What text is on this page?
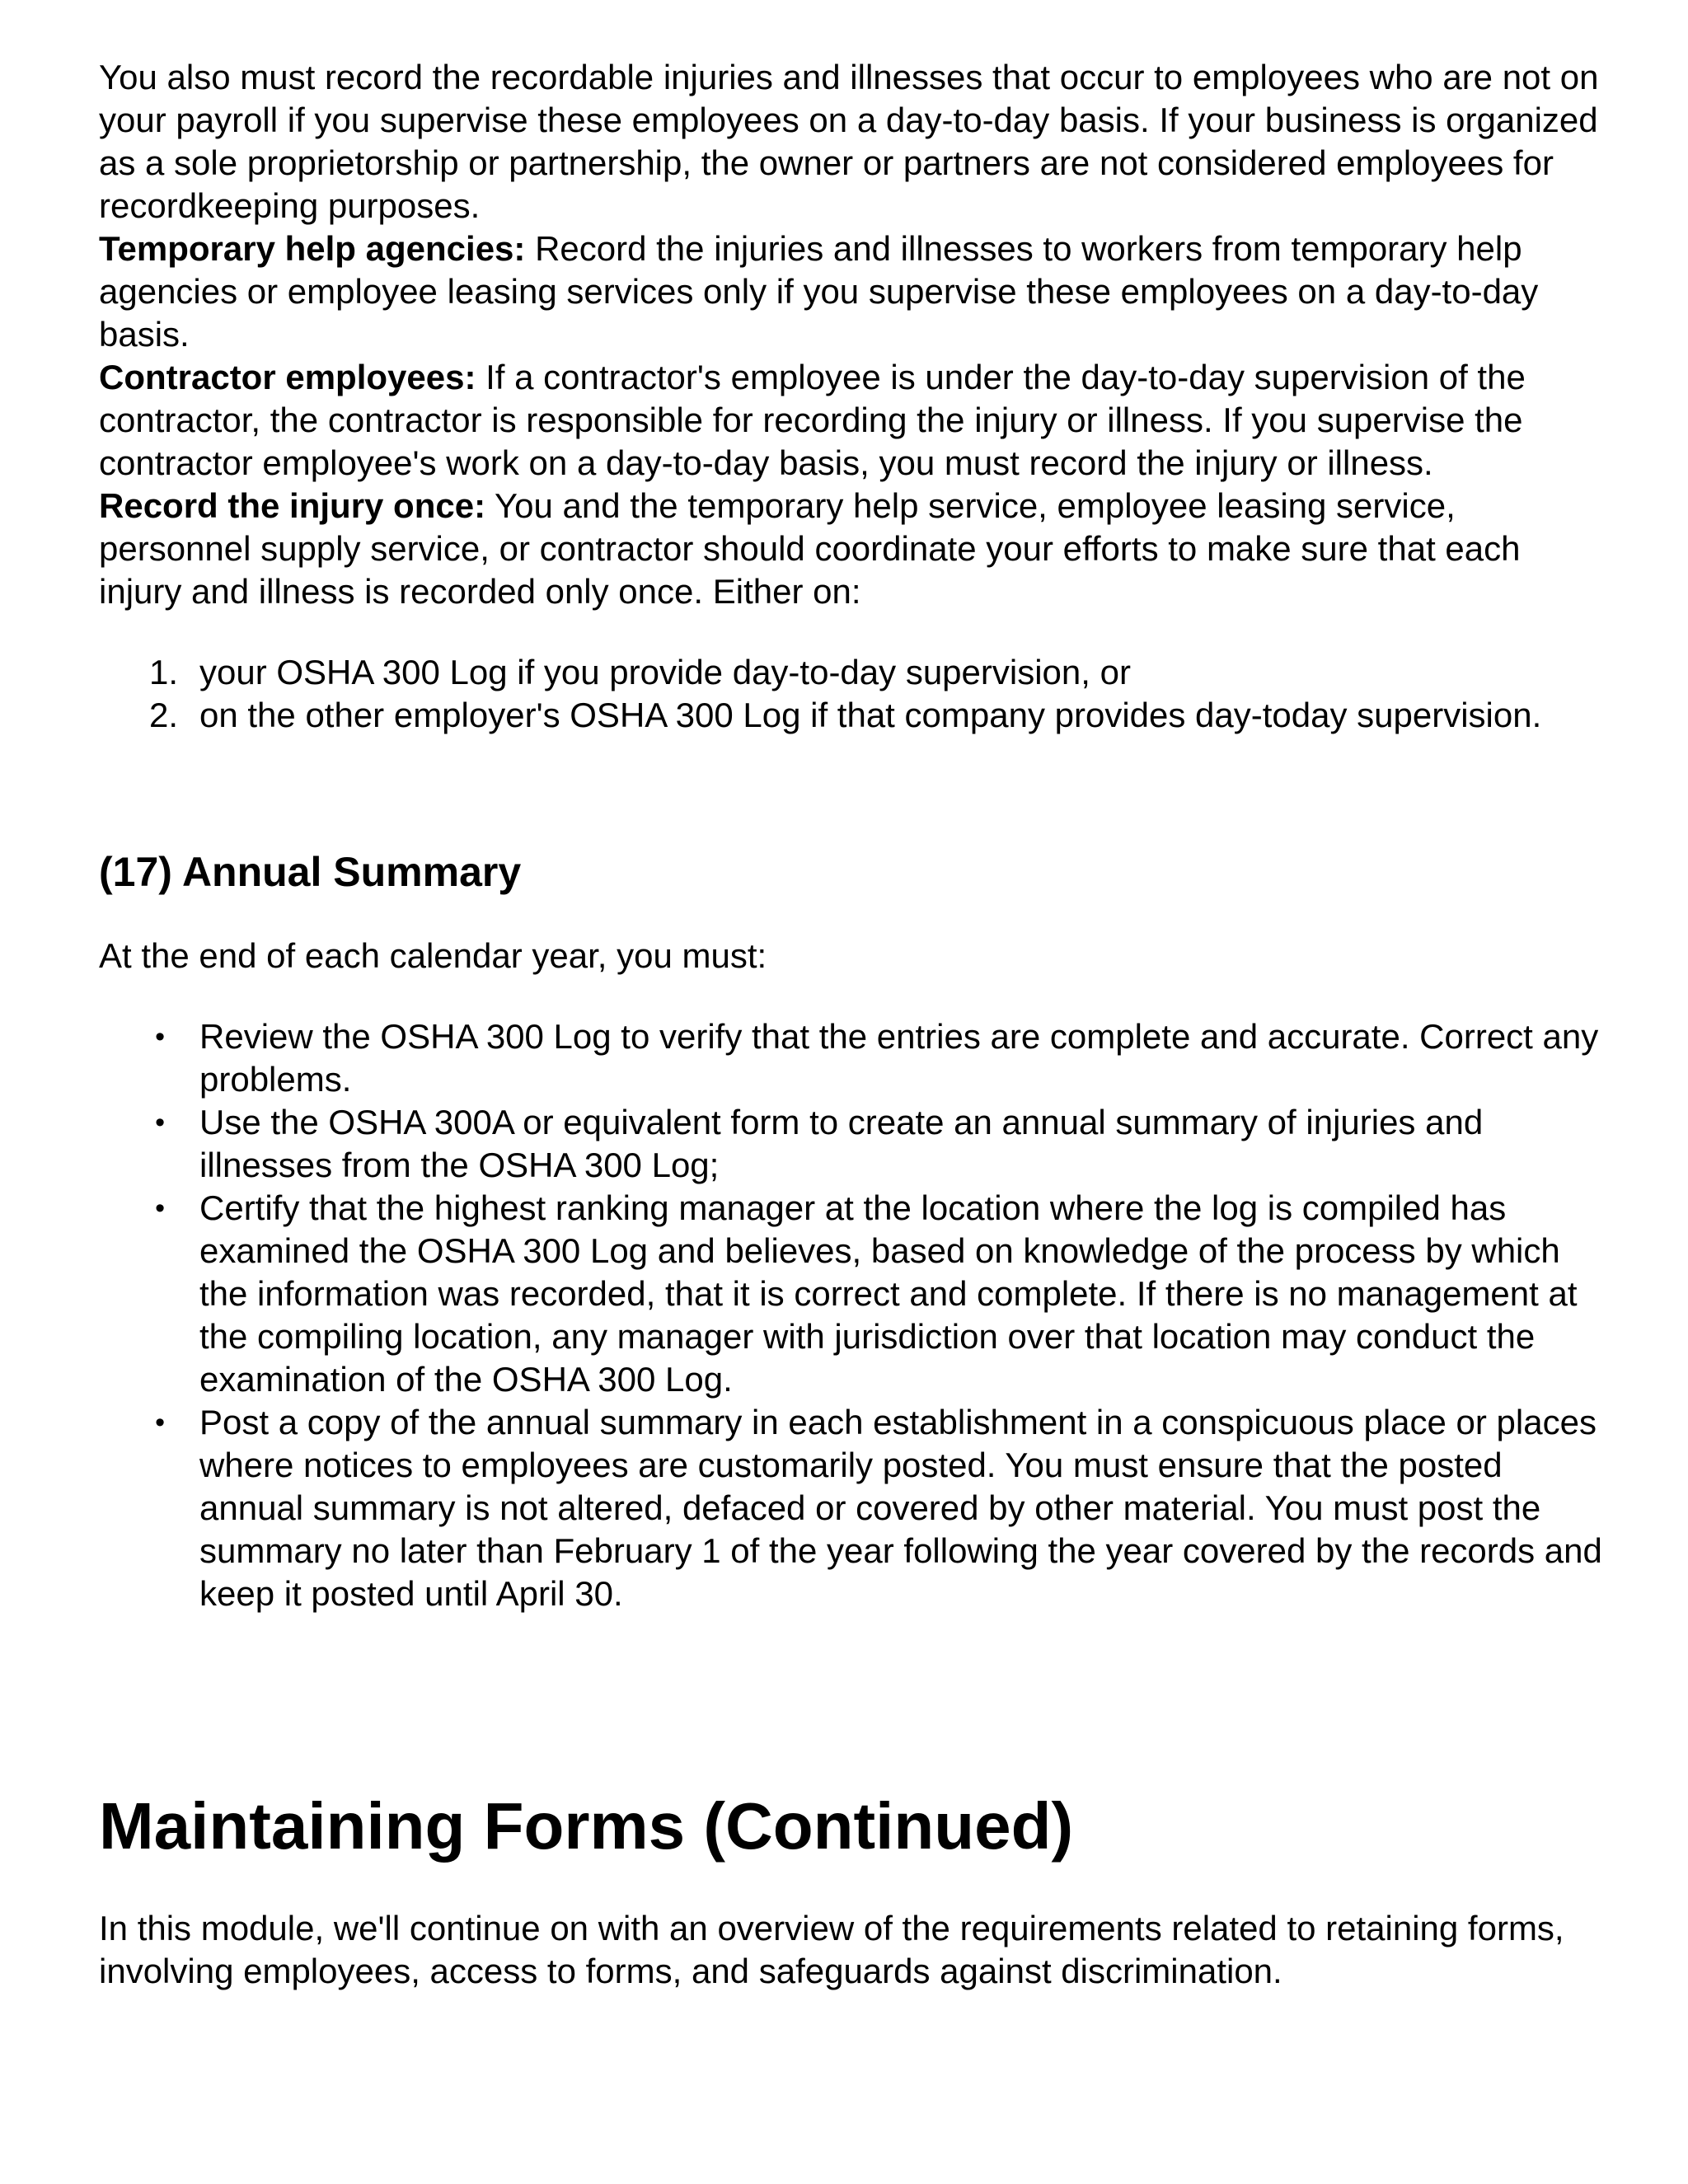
You also must record the recordable injuries and illnesses that occur to employees who are not on your payroll if you supervise these employees on a day-to-day basis. If your business is organized as a sole proprietorship or partnership, the owner or partners are not considered employees for recordkeeping purposes.

Temporary help agencies: Record the injuries and illnesses to workers from temporary help agencies or employee leasing services only if you supervise these employees on a day-to-day basis.

Contractor employees: If a contractor's employee is under the day-to-day supervision of the contractor, the contractor is responsible for recording the injury or illness. If you supervise the contractor employee's work on a day-to-day basis, you must record the injury or illness.

Record the injury once: You and the temporary help service, employee leasing service, personnel supply service, or contractor should coordinate your efforts to make sure that each injury and illness is recorded only once. Either on:

1. your OSHA 300 Log if you provide day-to-day supervision, or
2. on the other employer's OSHA 300 Log if that company provides day-today supervision.
(17) Annual Summary

At the end of each calendar year, you must:

• Review the OSHA 300 Log to verify that the entries are complete and accurate. Correct any problems.
• Use the OSHA 300A or equivalent form to create an annual summary of injuries and illnesses from the OSHA 300 Log;
• Certify that the highest ranking manager at the location where the log is compiled has examined the OSHA 300 Log and believes, based on knowledge of the process by which the information was recorded, that it is correct and complete. If there is no management at the compiling location, any manager with jurisdiction over that location may conduct the examination of the OSHA 300 Log.
• Post a copy of the annual summary in each establishment in a conspicuous place or places where notices to employees are customarily posted. You must ensure that the posted annual summary is not altered, defaced or covered by other material. You must post the summary no later than February 1 of the year following the year covered by the records and keep it posted until April 30.
Maintaining Forms (Continued)

In this module, we'll continue on with an overview of the requirements related to retaining forms, involving employees, access to forms, and safeguards against discrimination.
